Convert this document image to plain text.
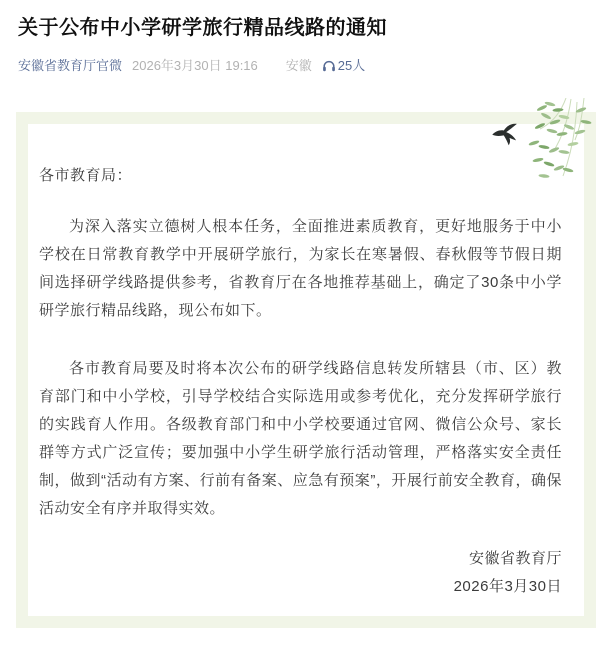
关于公布中小学研学旅行精品线路的通知
安徽省教育厅官微 2026年3月30日 19:16 安徽 25人

各市教育局：

为深入落实立德树人根本任务，全面推进素质教育，更好地服务于中小学校在日常教育教学中开展研学旅行，为家长在寒暑假、春秋假等节假日期间选择研学线路提供参考，省教育厅在各地推荐基础上，确定了30条中小学研学旅行精品线路，现公布如下。

各市教育局要及时将本次公布的研学线路信息转发所辖县（市、区）教育部门和中小学校，引导学校结合实际选用或参考优化，充分发挥研学旅行的实践育人作用。各级教育部门和中小学校要通过官网、微信公众号、家长群等方式广泛宣传；要加强中小学生研学旅行活动管理，严格落实安全责任制，做到“活动有方案、行前有备案、应急有预案”，开展行前安全教育，确保活动安全有序并取得实效。

安徽省教育厅

2026年3月30日
